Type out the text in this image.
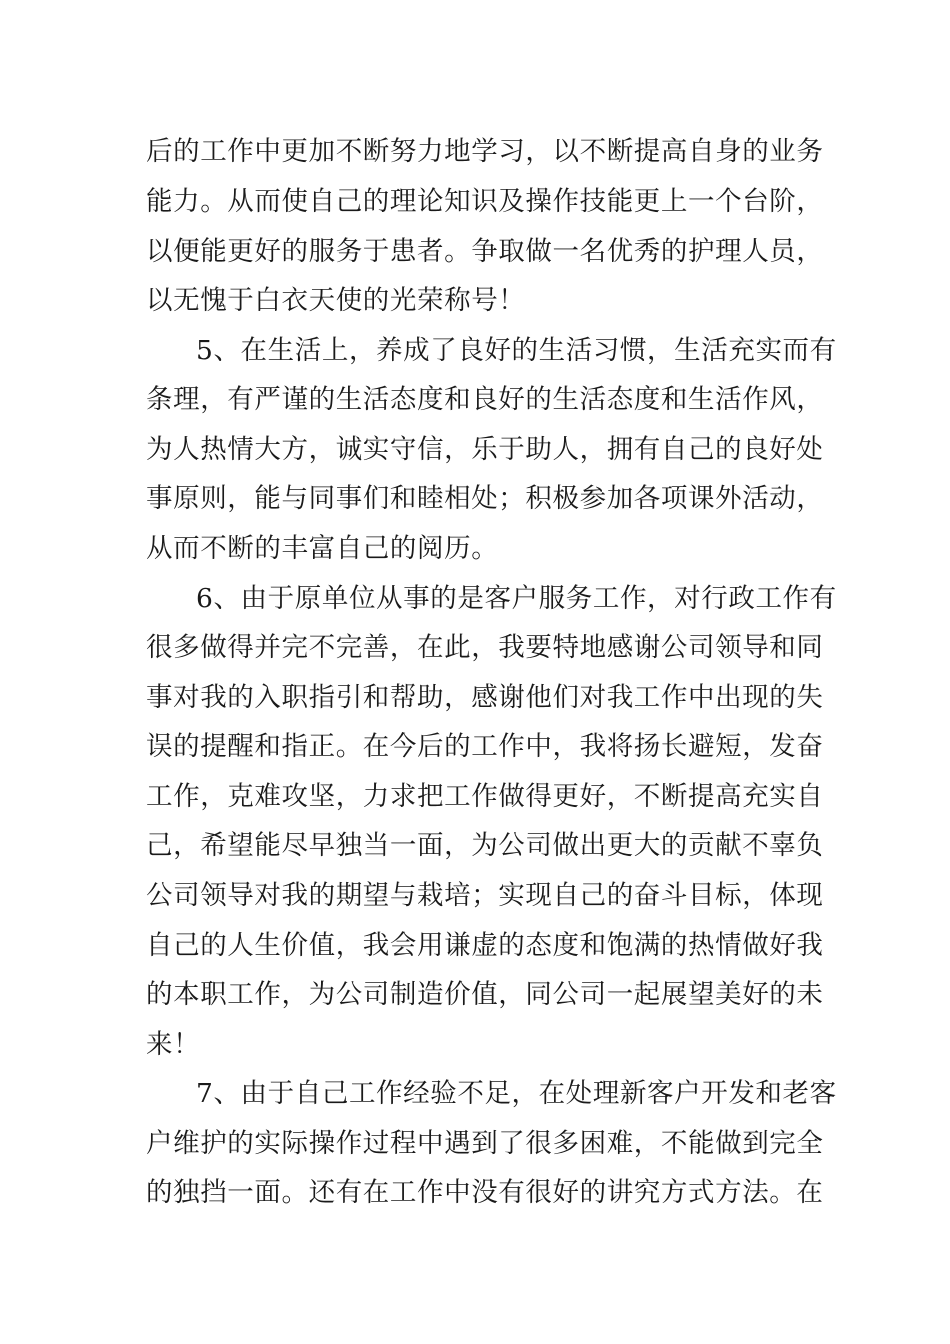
后的工作中更加不断努力地学习，以不断提高自身的业务
能力。从而使自己的理论知识及操作技能更上一个台阶，
以便能更好的服务于患者。争取做一名优秀的护理人员，
以无愧于白衣天使的光荣称号！
5、在生活上，养成了良好的生活习惯，生活充实而有
条理，有严谨的生活态度和良好的生活态度和生活作风，
为人热情大方，诚实守信，乐于助人，拥有自己的良好处
事原则，能与同事们和睦相处；积极参加各项课外活动，
从而不断的丰富自己的阅历。
6、由于原单位从事的是客户服务工作，对行政工作有
很多做得并完不完善，在此，我要特地感谢公司领导和同
事对我的入职指引和帮助，感谢他们对我工作中出现的失
误的提醒和指正。在今后的工作中，我将扬长避短，发奋
工作，克难攻坚，力求把工作做得更好，不断提高充实自
己，希望能尽早独当一面，为公司做出更大的贡献不辜负
公司领导对我的期望与栽培；实现自己的奋斗目标，体现
自己的人生价值，我会用谦虚的态度和饱满的热情做好我
的本职工作，为公司制造价值，同公司一起展望美好的未
来！
7、由于自己工作经验不足，在处理新客户开发和老客
户维护的实际操作过程中遇到了很多困难，不能做到完全
的独挡一面。还有在工作中没有很好的讲究方式方法。在
